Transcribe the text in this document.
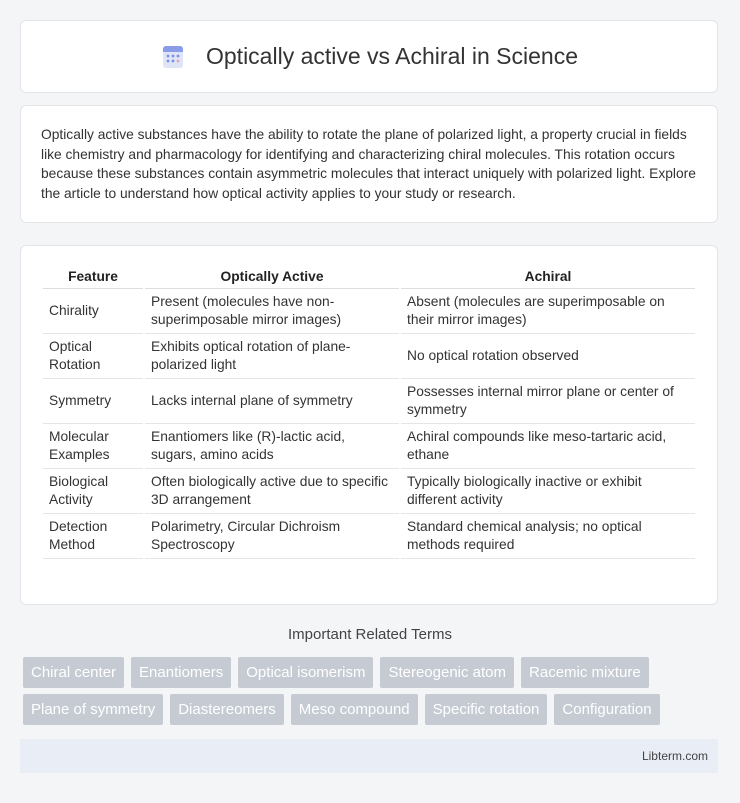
Optically active vs Achiral in Science

Optically active substances have the ability to rotate the plane of polarized light, a property crucial in fields like chemistry and pharmacology for identifying and characterizing chiral molecules. This rotation occurs because these substances contain asymmetric molecules that interact uniquely with polarized light. Explore the article to understand how optical activity applies to your study or research.

Feature	Optically Active	Achiral
Chirality	Present (molecules have non-superimposable mirror images)	Absent (molecules are superimposable on their mirror images)
Optical Rotation	Exhibits optical rotation of plane-polarized light	No optical rotation observed
Symmetry	Lacks internal plane of symmetry	Possesses internal mirror plane or center of symmetry
Molecular Examples	Enantiomers like (R)-lactic acid, sugars, amino acids	Achiral compounds like meso-tartaric acid, ethane
Biological Activity	Often biologically active due to specific 3D arrangement	Typically biologically inactive or exhibit different activity
Detection Method	Polarimetry, Circular Dichroism Spectroscopy	Standard chemical analysis; no optical methods required
Important Related Terms
Chiral center	Enantiomers	Optical isomerism	Stereogenic atom	Racemic mixture
Plane of symmetry	Diastereomers	Meso compound	Specific rotation	Configuration
Libterm.com
